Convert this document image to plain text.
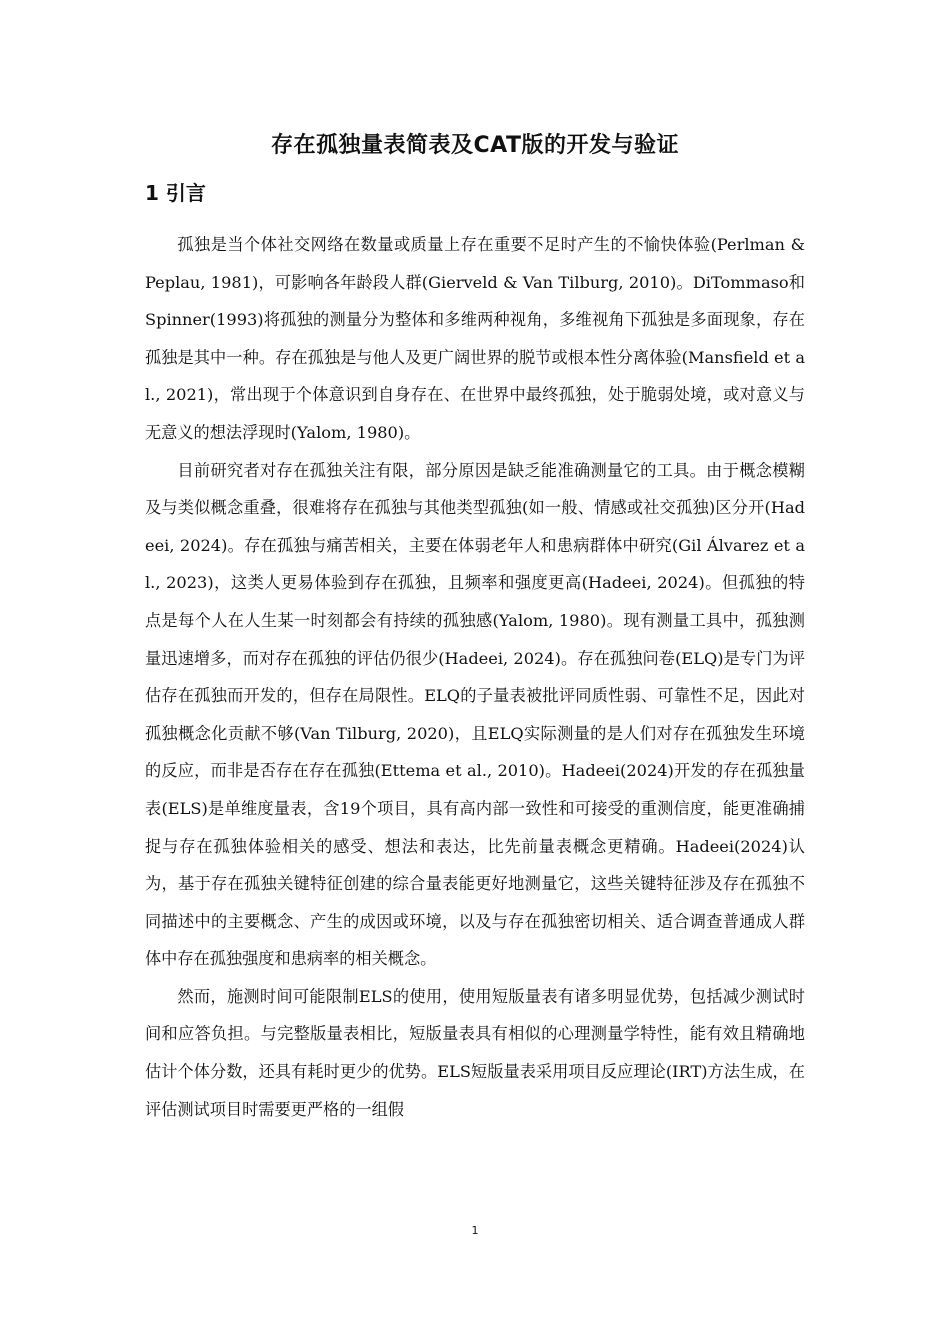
存在孤独量表简表及CAT版的开发与验证
1 引言

孤独是当个体社交网络在数量或质量上存在重要不足时产生的不愉快体验(Perlman & Peplau, 1981)，可影响各年龄段人群(Gierveld & Van Tilburg, 2010)。DiTommaso和Spinner(1993)将孤独的测量分为整体和多维两种视角，多维视角下孤独是多面现象，存在孤独是其中一种。存在孤独是与他人及更广阔世界的脱节或根本性分离体验(Mansfield et al., 2021)，常出现于个体意识到自身存在、在世界中最终孤独，处于脆弱处境，或对意义与无意义的想法浮现时(Yalom, 1980)。

目前研究者对存在孤独关注有限，部分原因是缺乏能准确测量它的工具。由于概念模糊及与类似概念重叠，很难将存在孤独与其他类型孤独(如一般、情感或社交孤独)区分开(Hadeei, 2024)。存在孤独与痛苦相关，主要在体弱老年人和患病群体中研究(Gil Álvarez et al., 2023)，这类人更易体验到存在孤独，且频率和强度更高(Hadeei, 2024)。但孤独的特点是每个人在人生某一时刻都会有持续的孤独感(Yalom, 1980)。现有测量工具中，孤独测量迅速增多，而对存在孤独的评估仍很少(Hadeei, 2024)。存在孤独问卷(ELQ)是专门为评估存在孤独而开发的，但存在局限性。ELQ的子量表被批评同质性弱、可靠性不足，因此对孤独概念化贡献不够(Van Tilburg, 2020)，且ELQ实际测量的是人们对存在孤独发生环境的反应，而非是否存在存在孤独(Ettema et al., 2010)。Hadeei(2024)开发的存在孤独量表(ELS)是单维度量表，含19个项目，具有高内部一致性和可接受的重测信度，能更准确捕捉与存在孤独体验相关的感受、想法和表达，比先前量表概念更精确。Hadeei(2024)认为，基于存在孤独关键特征创建的综合量表能更好地测量它，这些关键特征涉及存在孤独不同描述中的主要概念、产生的成因或环境，以及与存在孤独密切相关、适合调查普通成人群体中存在孤独强度和患病率的相关概念。

然而，施测时间可能限制ELS的使用，使用短版量表有诸多明显优势，包括减少测试时间和应答负担。与完整版量表相比，短版量表具有相似的心理测量学特性，能有效且精确地估计个体分数，还具有耗时更少的优势。ELS短版量表采用项目反应理论(IRT)方法生成，在评估测试项目时需要更严格的一组假

1
